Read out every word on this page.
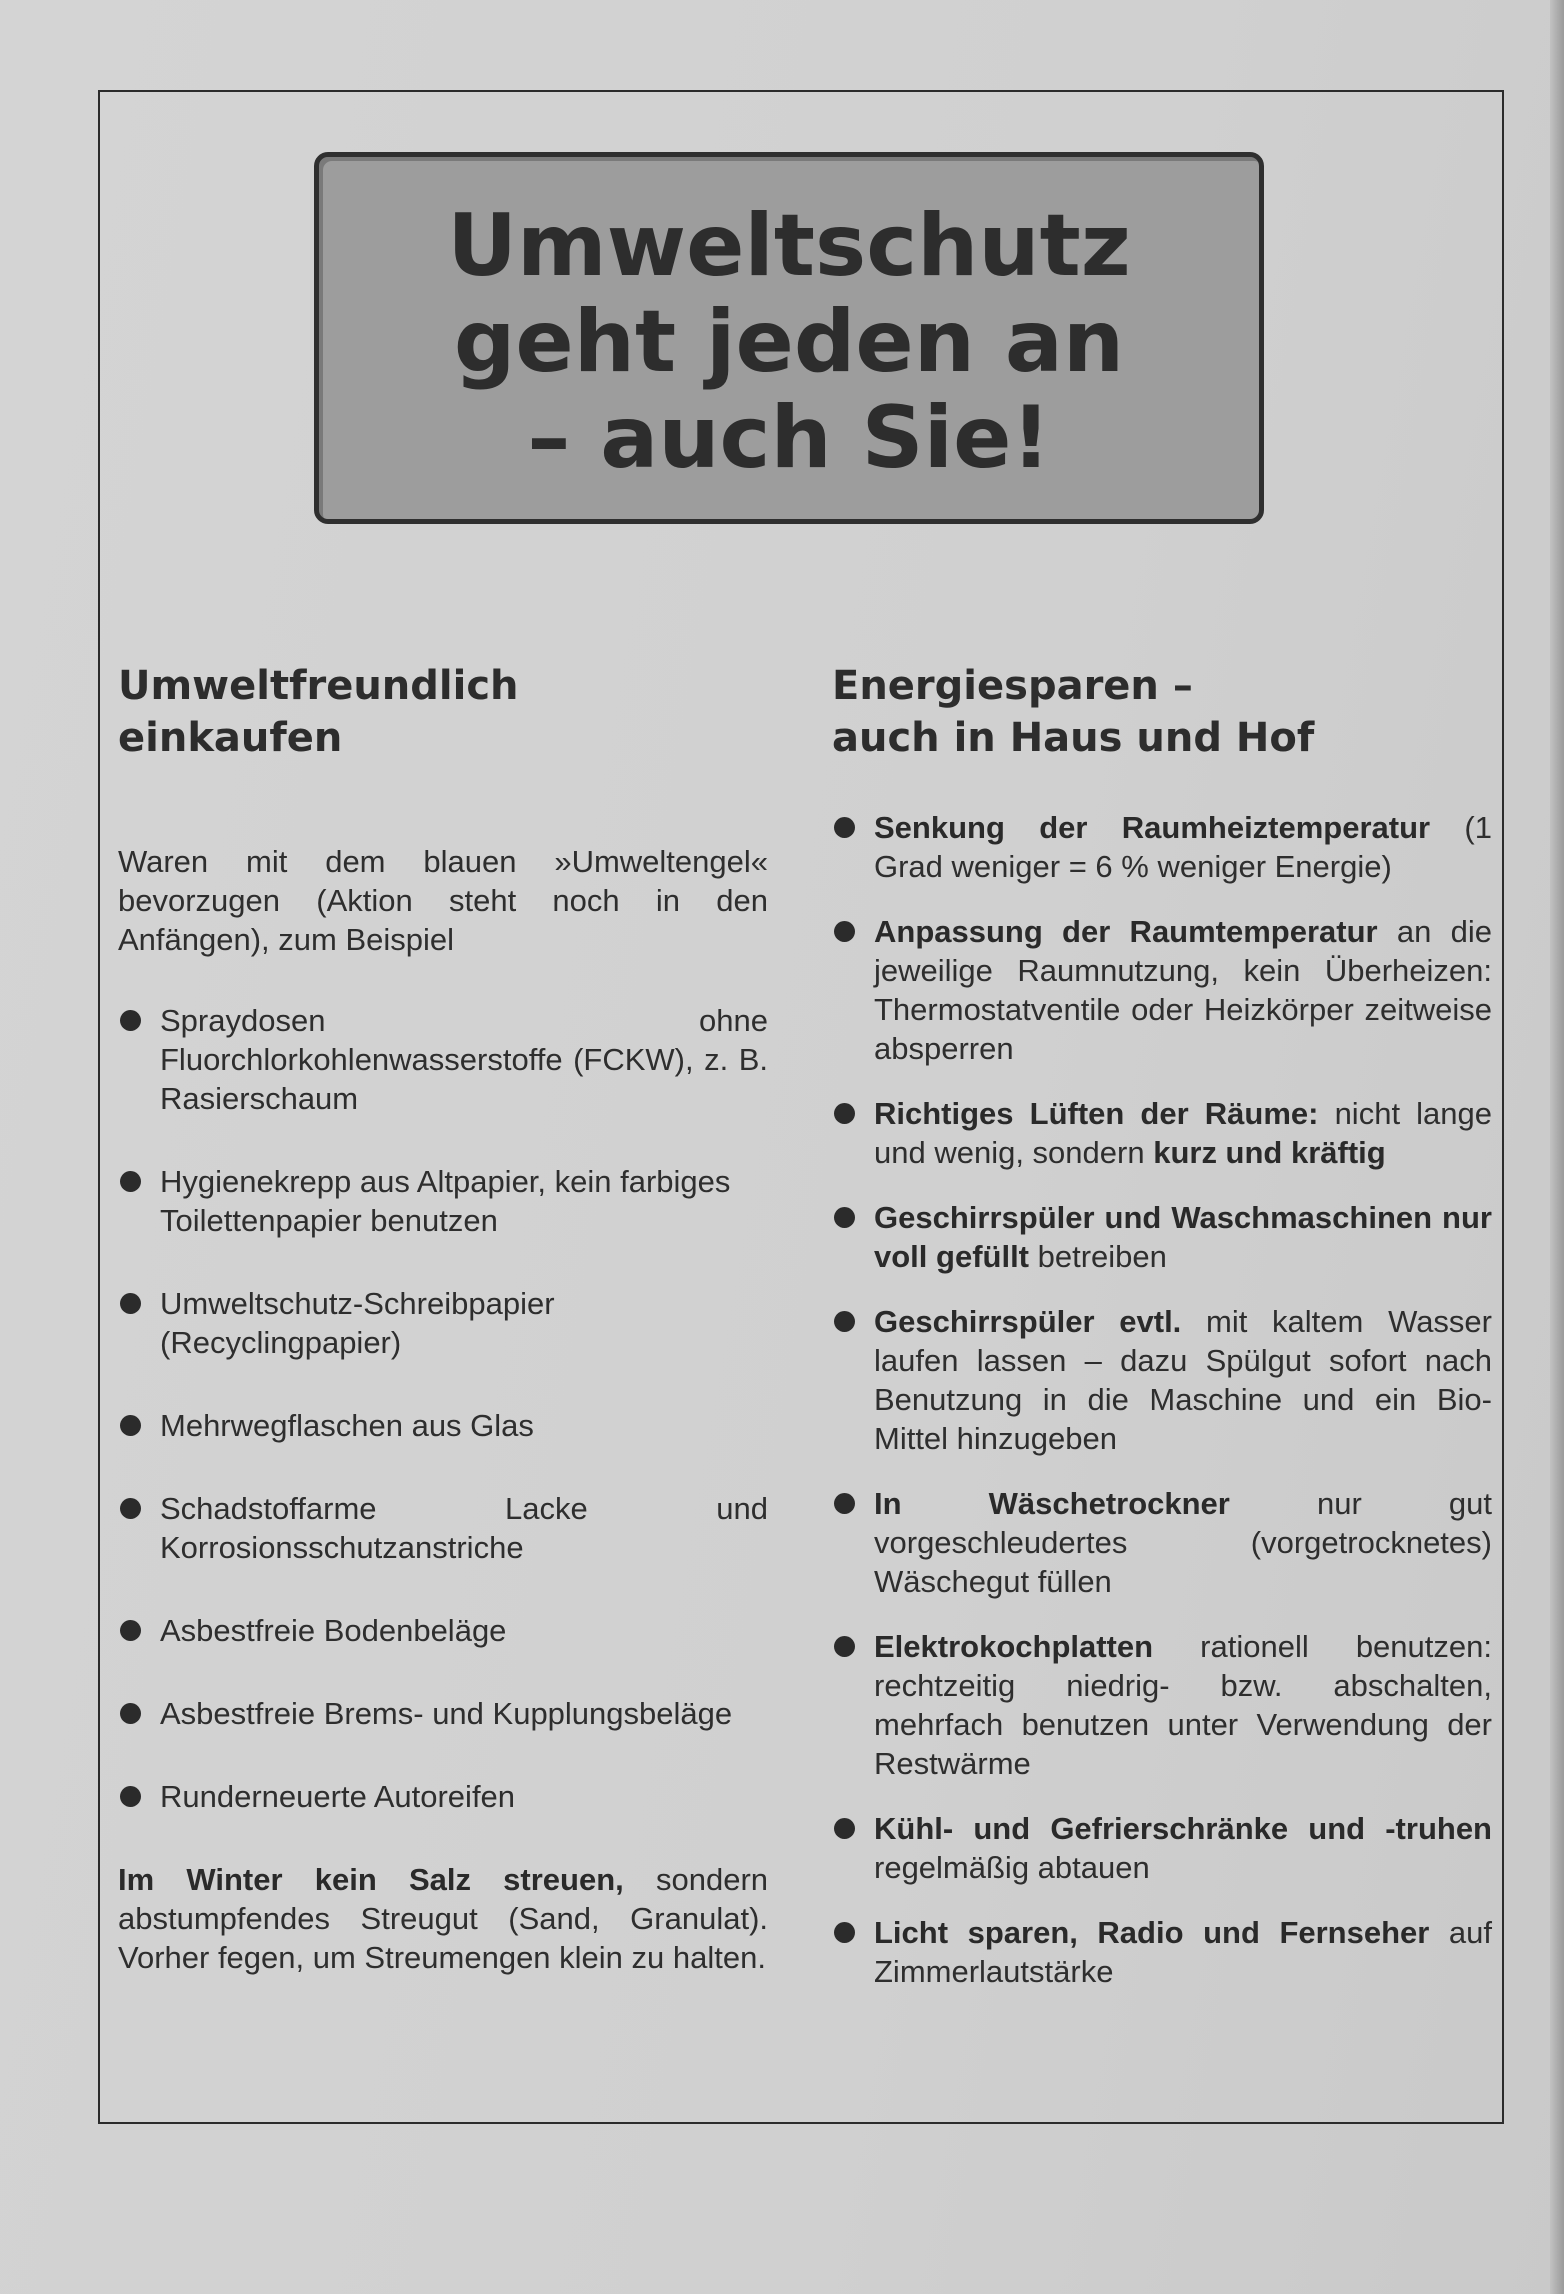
Umweltschutz
geht jeden an
– auch Sie!
Umweltfreundlich
einkaufen
Waren mit dem blauen »Umweltengel« bevorzugen (Aktion steht noch in den Anfängen), zum Beispiel
Spraydosen ohne Fluorchlorkohlenwasserstoffe (FCKW), z. B. Rasierschaum
Hygienekrepp aus Altpapier, kein farbiges Toilettenpapier benutzen
Umweltschutz-Schreibpapier (Recyclingpapier)
Mehrwegflaschen aus Glas
Schadstoffarme Lacke und Korrosionsschutzanstriche
Asbestfreie Bodenbeläge
Asbestfreie Brems- und Kupplungsbeläge
Runderneuerte Autoreifen
Im Winter kein Salz streuen, sondern abstumpfendes Streugut (Sand, Granulat). Vorher fegen, um Streumengen klein zu halten.
Energiesparen –
auch in Haus und Hof
Senkung der Raumheiztemperatur (1 Grad weniger = 6 % weniger Energie)
Anpassung der Raumtemperatur an die jeweilige Raumnutzung, kein Überheizen: Thermostatventile oder Heizkörper zeitweise absperren
Richtiges Lüften der Räume: nicht lange und wenig, sondern kurz und kräftig
Geschirrspüler und Waschmaschinen nur voll gefüllt betreiben
Geschirrspüler evtl. mit kaltem Wasser laufen lassen – dazu Spülgut sofort nach Benutzung in die Maschine und ein Bio-Mittel hinzugeben
In Wäschetrockner nur gut vorgeschleudertes (vorgetrocknetes) Wäschegut füllen
Elektrokochplatten rationell benutzen: rechtzeitig niedrig- bzw. abschalten, mehrfach benutzen unter Verwendung der Restwärme
Kühl- und Gefrierschränke und -truhen regelmäßig abtauen
Licht sparen, Radio und Fernseher auf Zimmerlautstärke
